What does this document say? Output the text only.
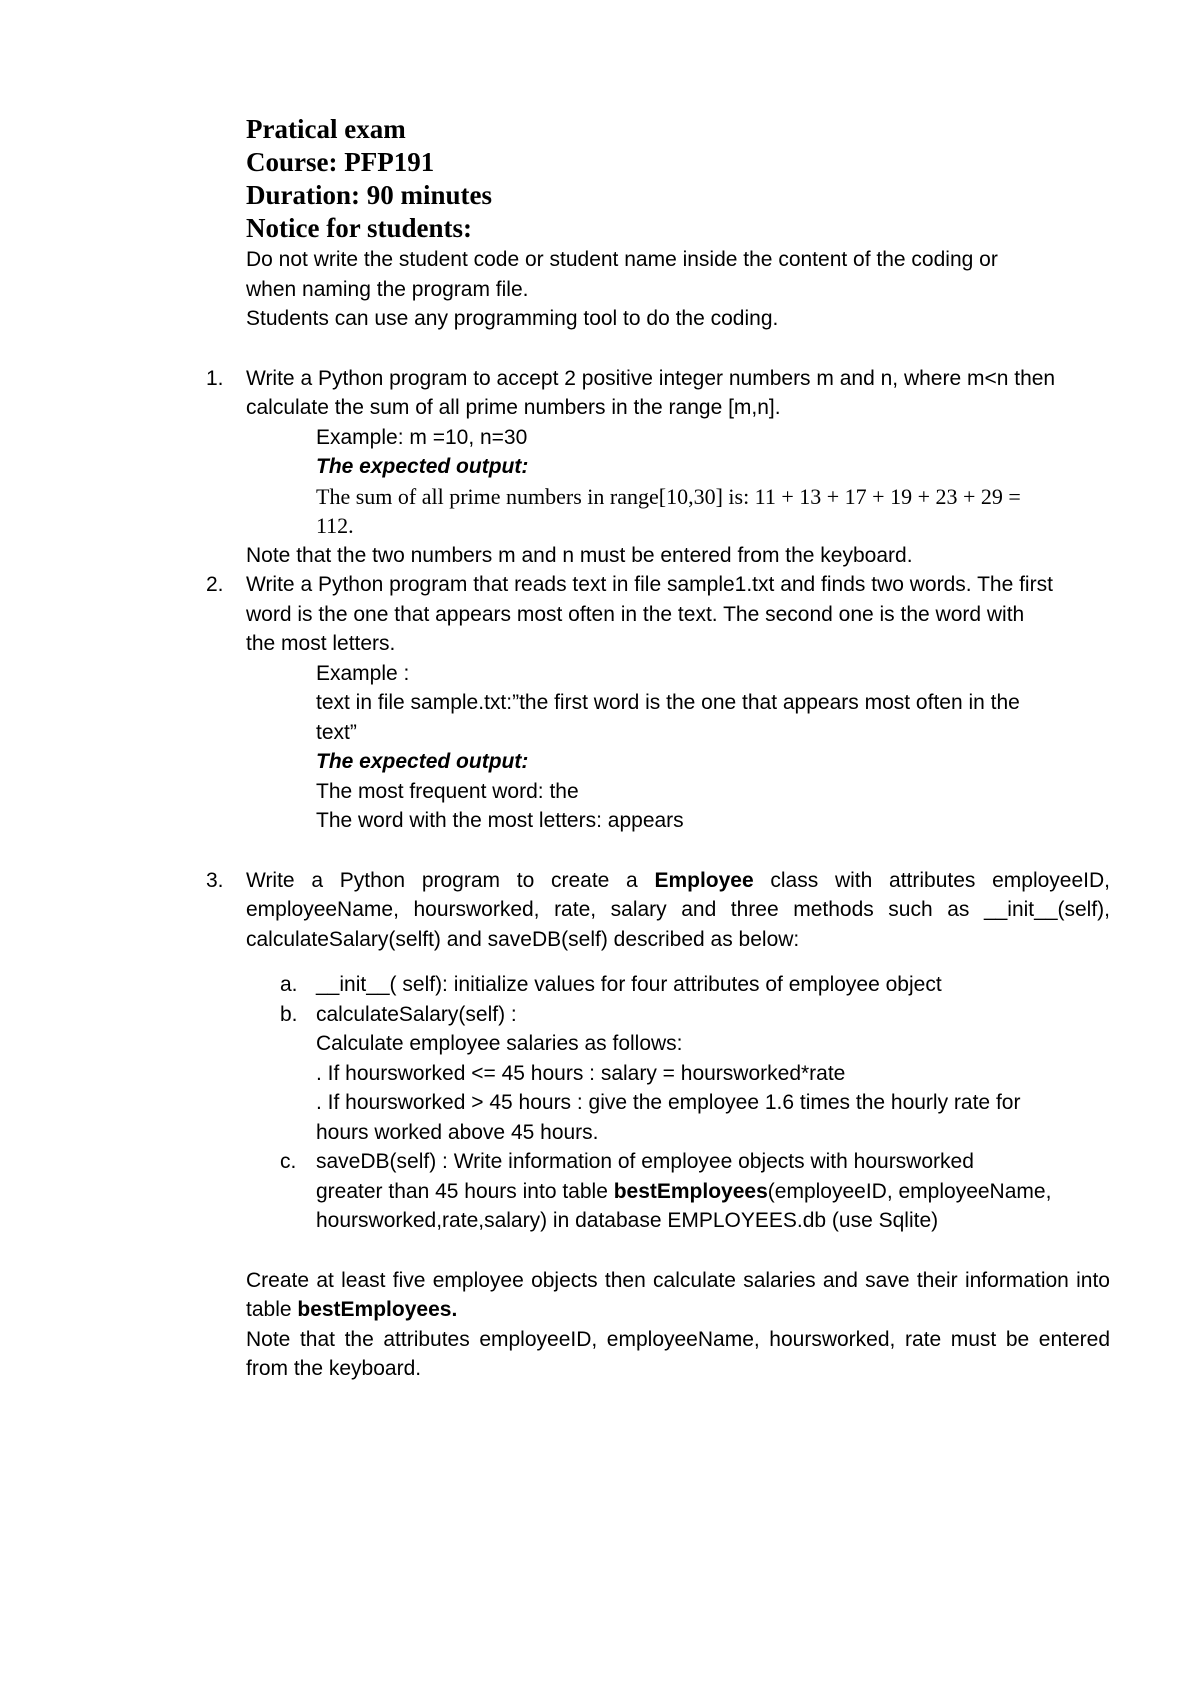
Pratical exam
Course: PFP191
Duration: 90 minutes
Notice for students:
Do not write the student code or student name inside the content of the coding or
when naming the program file.
Students can use any programming tool to do the coding.
1. Write a Python program to accept 2 positive integer numbers m and n, where m<n then
calculate the sum of all prime numbers in the range [m,n].
Example: m =10, n=30
The expected output:
The sum of all prime numbers in range[10,30] is: 11 + 13 + 17 + 19 + 23 + 29 =
112.
Note that the two numbers m and n must be entered from the keyboard.
2. Write a Python program that reads text in file sample1.txt and finds two words. The first
word is the one that appears most often in the text. The second one is the word with
the most letters.
Example :
text in file sample.txt:”the first word is the one that appears most often in the
text”
The expected output:
The most frequent word: the
The word with the most letters: appears
3. Write a Python program to create a Employee class with attributes employeeID, employeeName, hoursworked, rate, salary and three methods such as __init__(self), calculateSalary(selft) and saveDB(self) described as below:
a. __init__( self): initialize values for four attributes of employee object
b. calculateSalary(self) :
Calculate employee salaries as follows:
. If hoursworked <= 45 hours : salary = hoursworked*rate
. If hoursworked > 45 hours : give the employee 1.6 times the hourly rate for
hours worked above 45 hours.
c. saveDB(self) : Write information of employee objects with hoursworked
greater than 45 hours into table bestEmployees(employeeID, employeeName,
hoursworked,rate,salary) in database EMPLOYEES.db (use Sqlite)
Create at least five employee objects then calculate salaries and save their information into table bestEmployees.
Note that the attributes employeeID, employeeName, hoursworked, rate must be entered from the keyboard.
